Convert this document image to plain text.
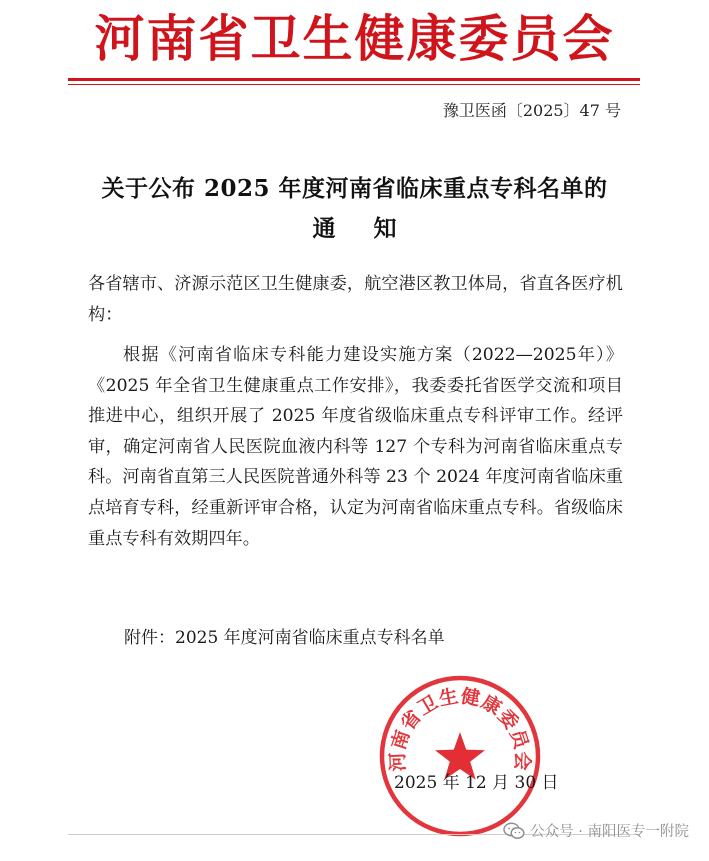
河南省卫生健康委员会
豫卫医函〔2025〕47 号
关于公布 2025 年度河南省临床重点专科名单的
通知
各省辖市、济源示范区卫生健康委，航空港区教卫体局，省直各医疗机构：
根据《河南省临床专科能力建设实施方案（2022—2025年）》《2025 年全省卫生健康重点工作安排》，我委委托省医学交流和项目推进中心，组织开展了 2025 年度省级临床重点专科评审工作。经评审，确定河南省人民医院血液内科等 127 个专科为河南省临床重点专科。河南省直第三人民医院普通外科等 23 个 2024 年度河南省临床重点培育专科，经重新评审合格，认定为河南省临床重点专科。省级临床重点专科有效期四年。
附件：2025 年度河南省临床重点专科名单
河南省卫生健康委员会
2025 年 12 月 30 日
公众号 · 南阳医专一附院
